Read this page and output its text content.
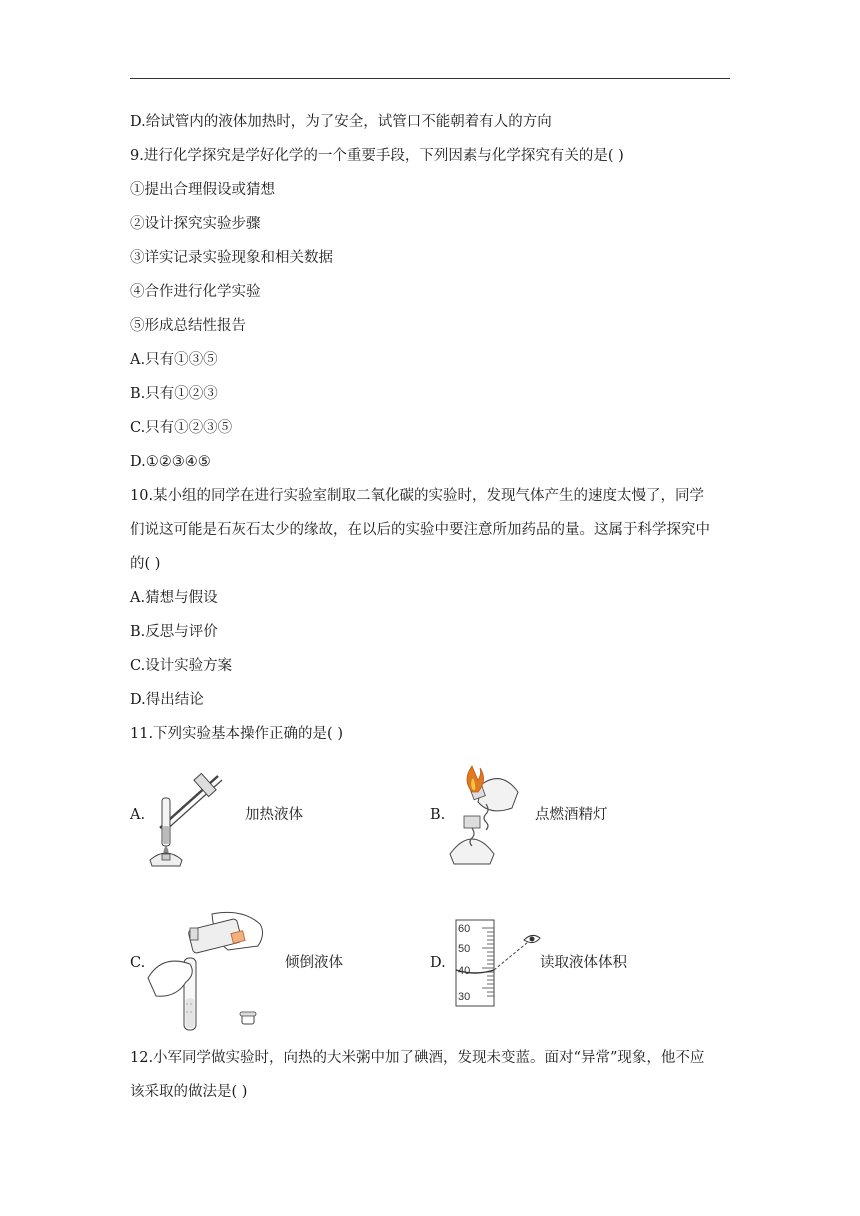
D.给试管内的液体加热时，为了安全，试管口不能朝着有人的方向
9.进行化学探究是学好化学的一个重要手段，下列因素与化学探究有关的是( )
①提出合理假设或猜想
②设计探究实验步骤
③详实记录实验现象和相关数据
④合作进行化学实验
⑤形成总结性报告
A.只有①③⑤
B.只有①②③
C.只有①②③⑤
D.①②③④⑤
10.某小组的同学在进行实验室制取二氧化碳的实验时，发现气体产生的速度太慢了，同学
们说这可能是石灰石太少的缘故，在以后的实验中要注意所加药品的量。这属于科学探究中
的( )
A.猜想与假设
B.反思与评价
C.设计实验方案
D.得出结论
11.下列实验基本操作正确的是( )
A.	加热液体	B.	点燃酒精灯
C.	倾倒液体	D.
60
50
40
30
读取液体体积
12.小军同学做实验时，向热的大米粥中加了碘酒，发现未变蓝。面对“异常”现象，他不应
该采取的做法是( )
